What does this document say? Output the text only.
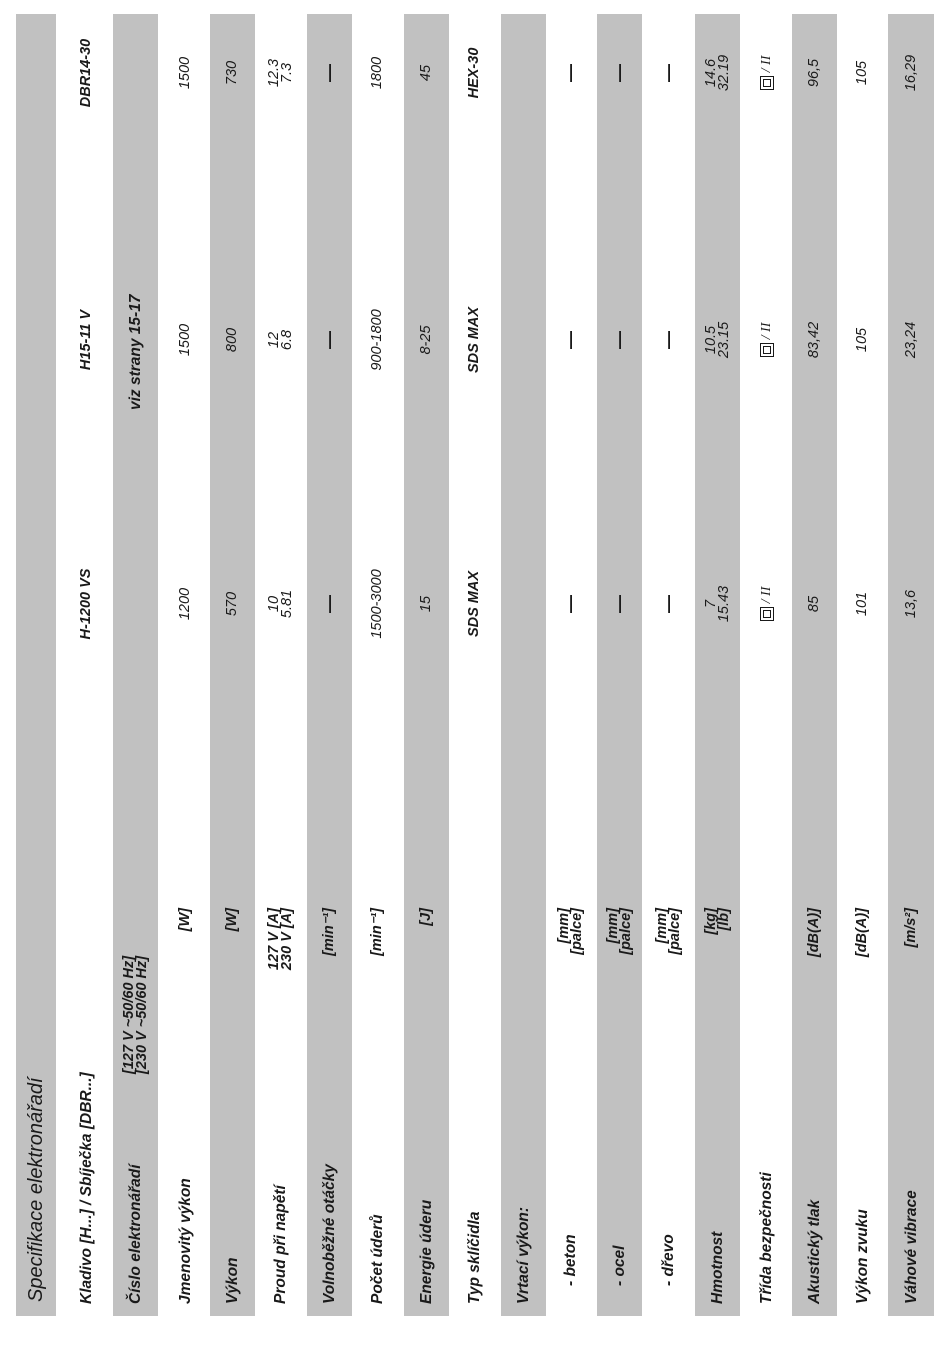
Specifikace elektronářadí	Kladivo [H...] / Sbíječka [DBR...]
H-1200 VS
H15-11 V
DBR14-30
Číslo elektronářadí
[127 V ~50/60 Hz]
[230 V ~50/60 Hz]
viz strany 15-17
Jmenovitý výkon
[W]
1200
1500
1500
Výkon
[W]
570
800
730
Proud při napětí
127 V [A]
230 V [A]
10
5.81
12
6.8
12.3
7.3
Volnoběžné otáčky
[min⁻¹]
—
—
—
Počet úderů
[min⁻¹]
1500-3000
900-1800
1800
Energie úderu
[J]
15
8-25
45
Typ sklíčidla
SDS MAX
SDS MAX
HEX-30
Vrtací výkon:	- beton
[mm]
[palce]
—
—
—
- ocel
[mm]
[palce]
—
—
—
- dřevo
[mm]
[palce]
—
—
—
Hmotnost
[kg]
[lb]
7
15.43
10.5
23.15
14.6
32.19
Třída bezpečnosti
/ II
/ II
/ II
Akustický tlak
[dB(A)]
85
83,42
96,5
Výkon zvuku
[dB(A)]
101
105
105
Váhové vibrace
[m/s²]
13,6
23,24
16,29
